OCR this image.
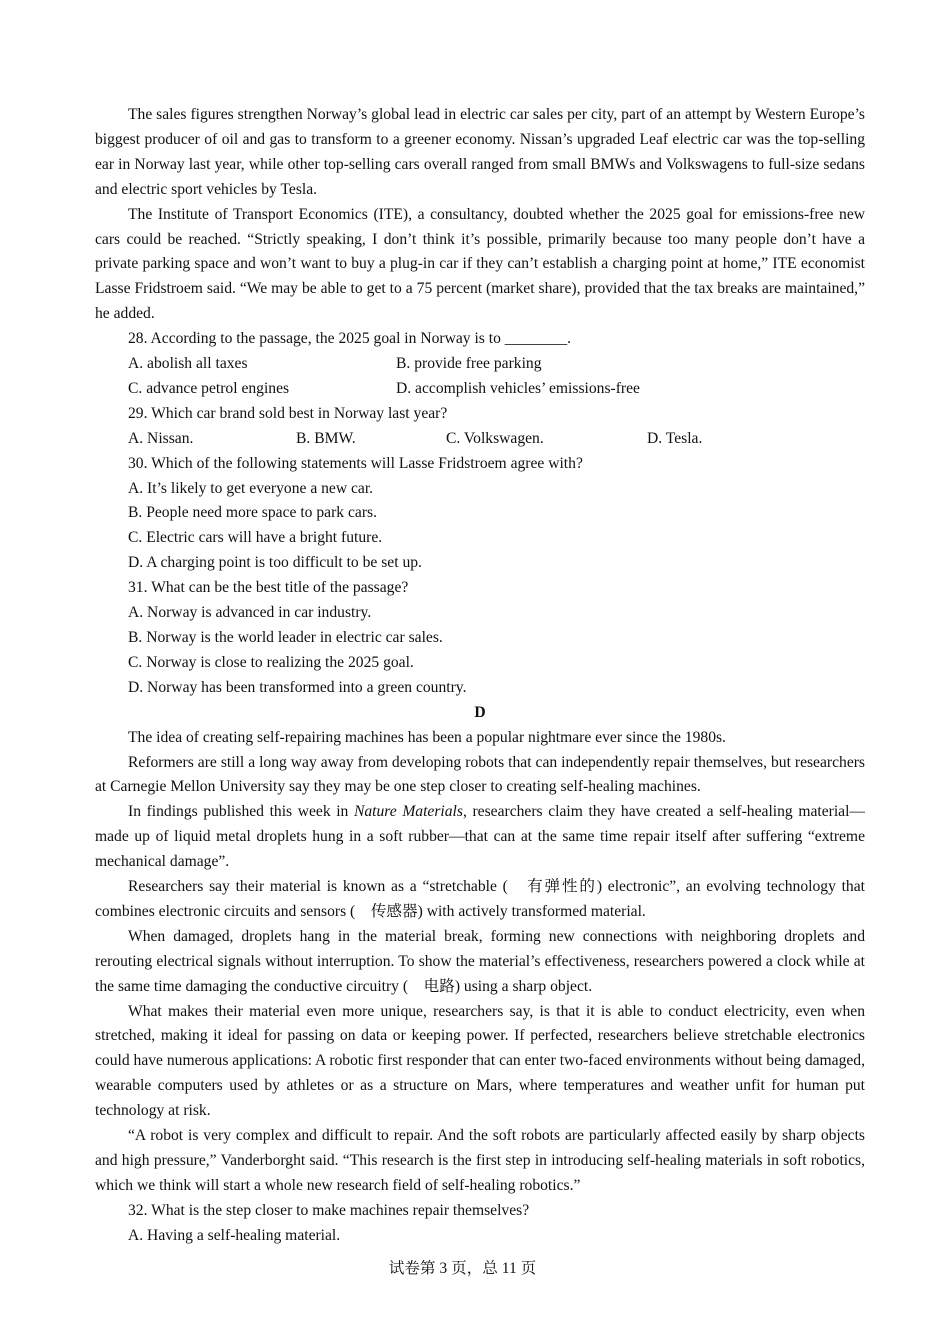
The sales figures strengthen Norway’s global lead in electric car sales per city, part of an attempt by Western Europe’s biggest producer of oil and gas to transform to a greener economy. Nissan’s upgraded Leaf electric car was the top-selling ear in Norway last year, while other top-selling cars overall ranged from small BMWs and Volkswagens to full-size sedans and electric sport vehicles by Tesla.

The Institute of Transport Economics (ITE), a consultancy, doubted whether the 2025 goal for emissions-free new cars could be reached. “Strictly speaking, I don’t think it’s possible, primarily because too many people don’t have a private parking space and won’t want to buy a plug-in car if they can’t establish a charging point at home,” ITE economist Lasse Fridstroem said. “We may be able to get to a 75 percent (market share), provided that the tax breaks are maintained,” he added.

28. According to the passage, the 2025 goal in Norway is to ________.

A. abolish all taxes	B. provide free parking
C. advance petrol engines	D. accomplish vehicles’ emissions-free

29. Which car brand sold best in Norway last year?

A. Nissan.	B. BMW.	C. Volkswagen.	D. Tesla.

30. Which of the following statements will Lasse Fridstroem agree with?

A. It’s likely to get everyone a new car.

B. People need more space to park cars.

C. Electric cars will have a bright future.

D. A charging point is too difficult to be set up.

31. What can be the best title of the passage?

A. Norway is advanced in car industry.

B. Norway is the world leader in electric car sales.

C. Norway is close to realizing the 2025 goal.

D. Norway has been transformed into a green country.

D

The idea of creating self-repairing machines has been a popular nightmare ever since the 1980s.

Reformers are still a long way away from developing robots that can independently repair themselves, but researchers at Carnegie Mellon University say they may be one step closer to creating self-healing machines.

In findings published this week in Nature Materials, researchers claim they have created a self-healing material—made up of liquid metal droplets hung in a soft rubber—that can at the same time repair itself after suffering “extreme mechanical damage”.

Researchers say their material is known as a “stretchable (　有弹性的) electronic”, an evolving technology that combines electronic circuits and sensors (　传感器) with actively transformed material.

When damaged, droplets hang in the material break, forming new connections with neighboring droplets and rerouting electrical signals without interruption. To show the material’s effectiveness, researchers powered a clock while at the same time damaging the conductive circuitry (　电路) using a sharp object.

What makes their material even more unique, researchers say, is that it is able to conduct electricity, even when stretched, making it ideal for passing on data or keeping power. If perfected, researchers believe stretchable electronics could have numerous applications: A robotic first responder that can enter two-faced environments without being damaged, wearable computers used by athletes or as a structure on Mars, where temperatures and weather unfit for human put technology at risk.

“A robot is very complex and difficult to repair. And the soft robots are particularly affected easily by sharp objects and high pressure,” Vanderborght said. “This research is the first step in introducing self-healing materials in soft robotics, which we think will start a whole new research field of self-healing robotics.”

32. What is the step closer to make machines repair themselves?

A. Having a self-healing material.

试卷第 3 页，总 11 页
